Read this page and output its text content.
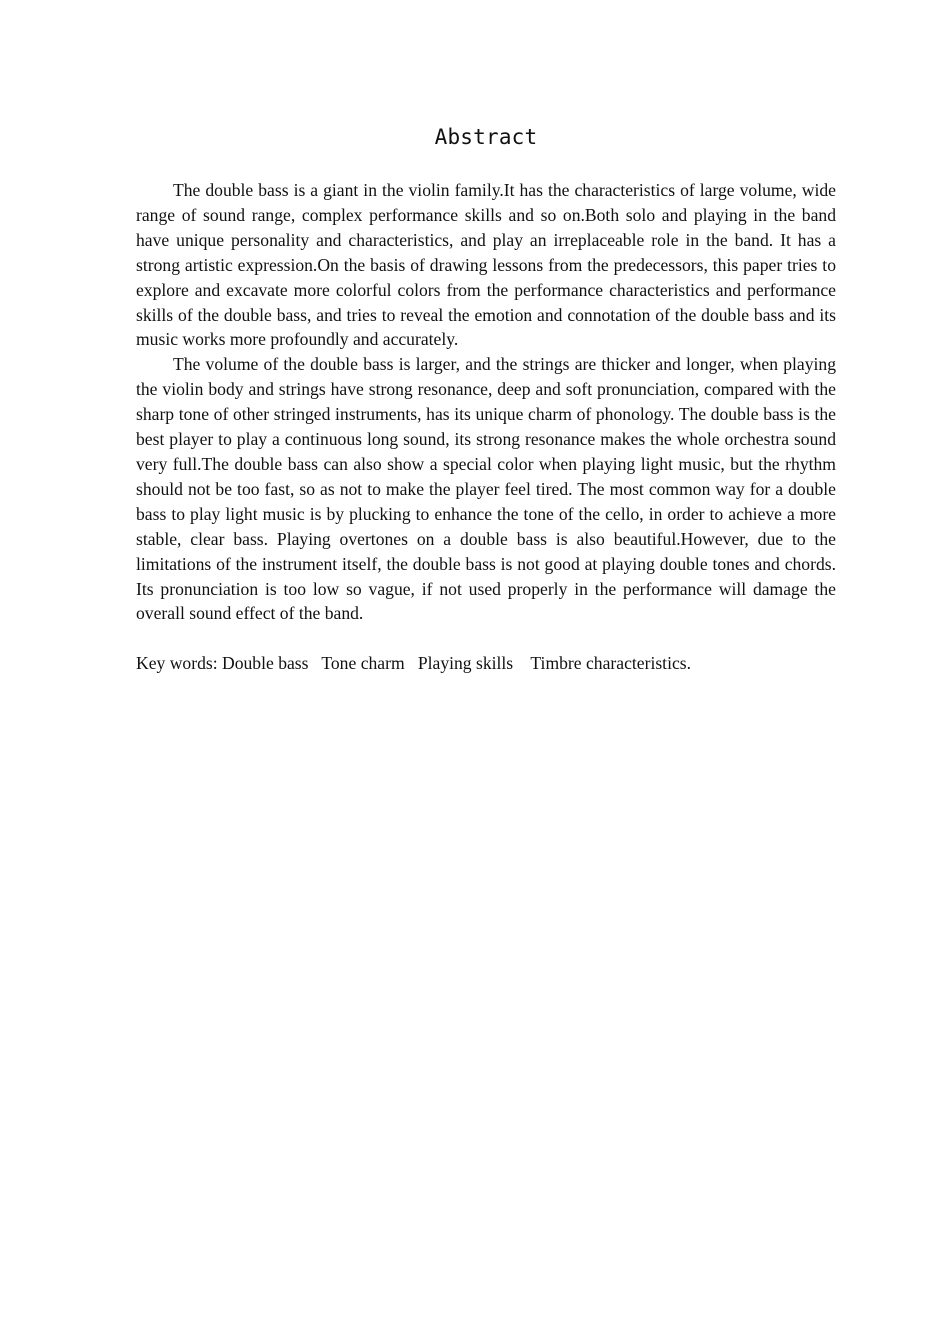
Abstract

The double bass is a giant in the violin family.It has the characteristics of large volume, wide range of sound range, complex performance skills and so on.Both solo and playing in the band have unique personality and characteristics, and play an irreplaceable role in the band. It has a strong artistic expression.On the basis of drawing lessons from the predecessors, this paper tries to explore and excavate more colorful colors from the performance characteristics and performance skills of the double bass, and tries to reveal the emotion and connotation of the double bass and its music works more profoundly and accurately.

The volume of the double bass is larger, and the strings are thicker and longer, when playing the violin body and strings have strong resonance, deep and soft pronunciation, compared with the sharp tone of other stringed instruments, has its unique charm of phonology. The double bass is the best player to play a continuous long sound, its strong resonance makes the whole orchestra sound very full.The double bass can also show a special color when playing light music, but the rhythm should not be too fast, so as not to make the player feel tired. The most common way for a double bass to play light music is by plucking to enhance the tone of the cello, in order to achieve a more stable, clear bass. Playing overtones on a double bass is also beautiful.However, due to the limitations of the instrument itself, the double bass is not good at playing double tones and chords. Its pronunciation is too low so vague, if not used properly in the performance will damage the overall sound effect of the band.

Key words: Double bass   Tone charm   Playing skills    Timbre characteristics.
